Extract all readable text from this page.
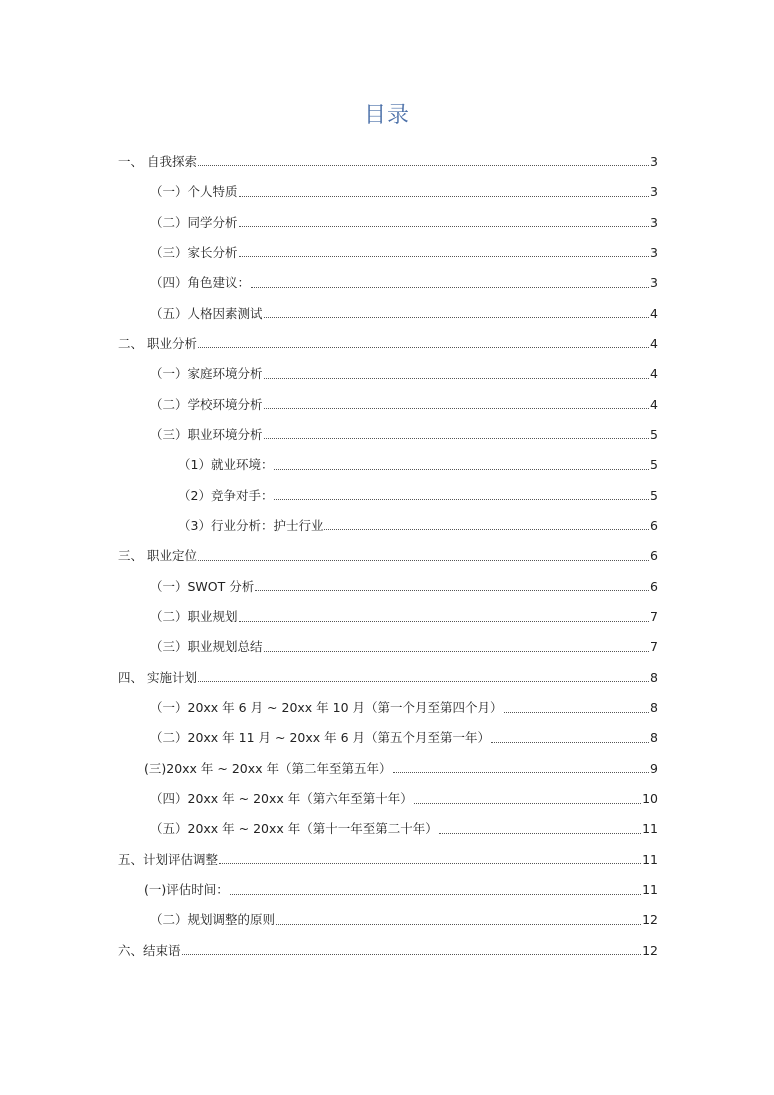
目录
一、 自我探索	3
（一）个人特质	3
（二）同学分析	3
（三）家长分析	3
（四）角色建议：	3
（五）人格因素测试	4
二、 职业分析	4
（一）家庭环境分析	4
（二）学校环境分析	4
（三）职业环境分析	5
（1）就业环境：	5
（2）竞争对手：	5
（3）行业分析：护士行业	6
三、 职业定位	6
（一）SWOT 分析	6
（二）职业规划	7
（三）职业规划总结	7
四、 实施计划	8
（一）20xx 年 6 月 ~ 20xx 年 10 月（第一个月至第四个月）	8
（二）20xx 年 11 月 ~ 20xx 年 6 月（第五个月至第一年）	8
(三)20xx 年 ~ 20xx 年（第二年至第五年）	9
（四）20xx 年 ~ 20xx 年（第六年至第十年）	10
（五）20xx 年 ~ 20xx 年（第十一年至第二十年）	11
五、计划评估调整	11
(一)评估时间：	11
（二）规划调整的原则	12
六、结束语	12
